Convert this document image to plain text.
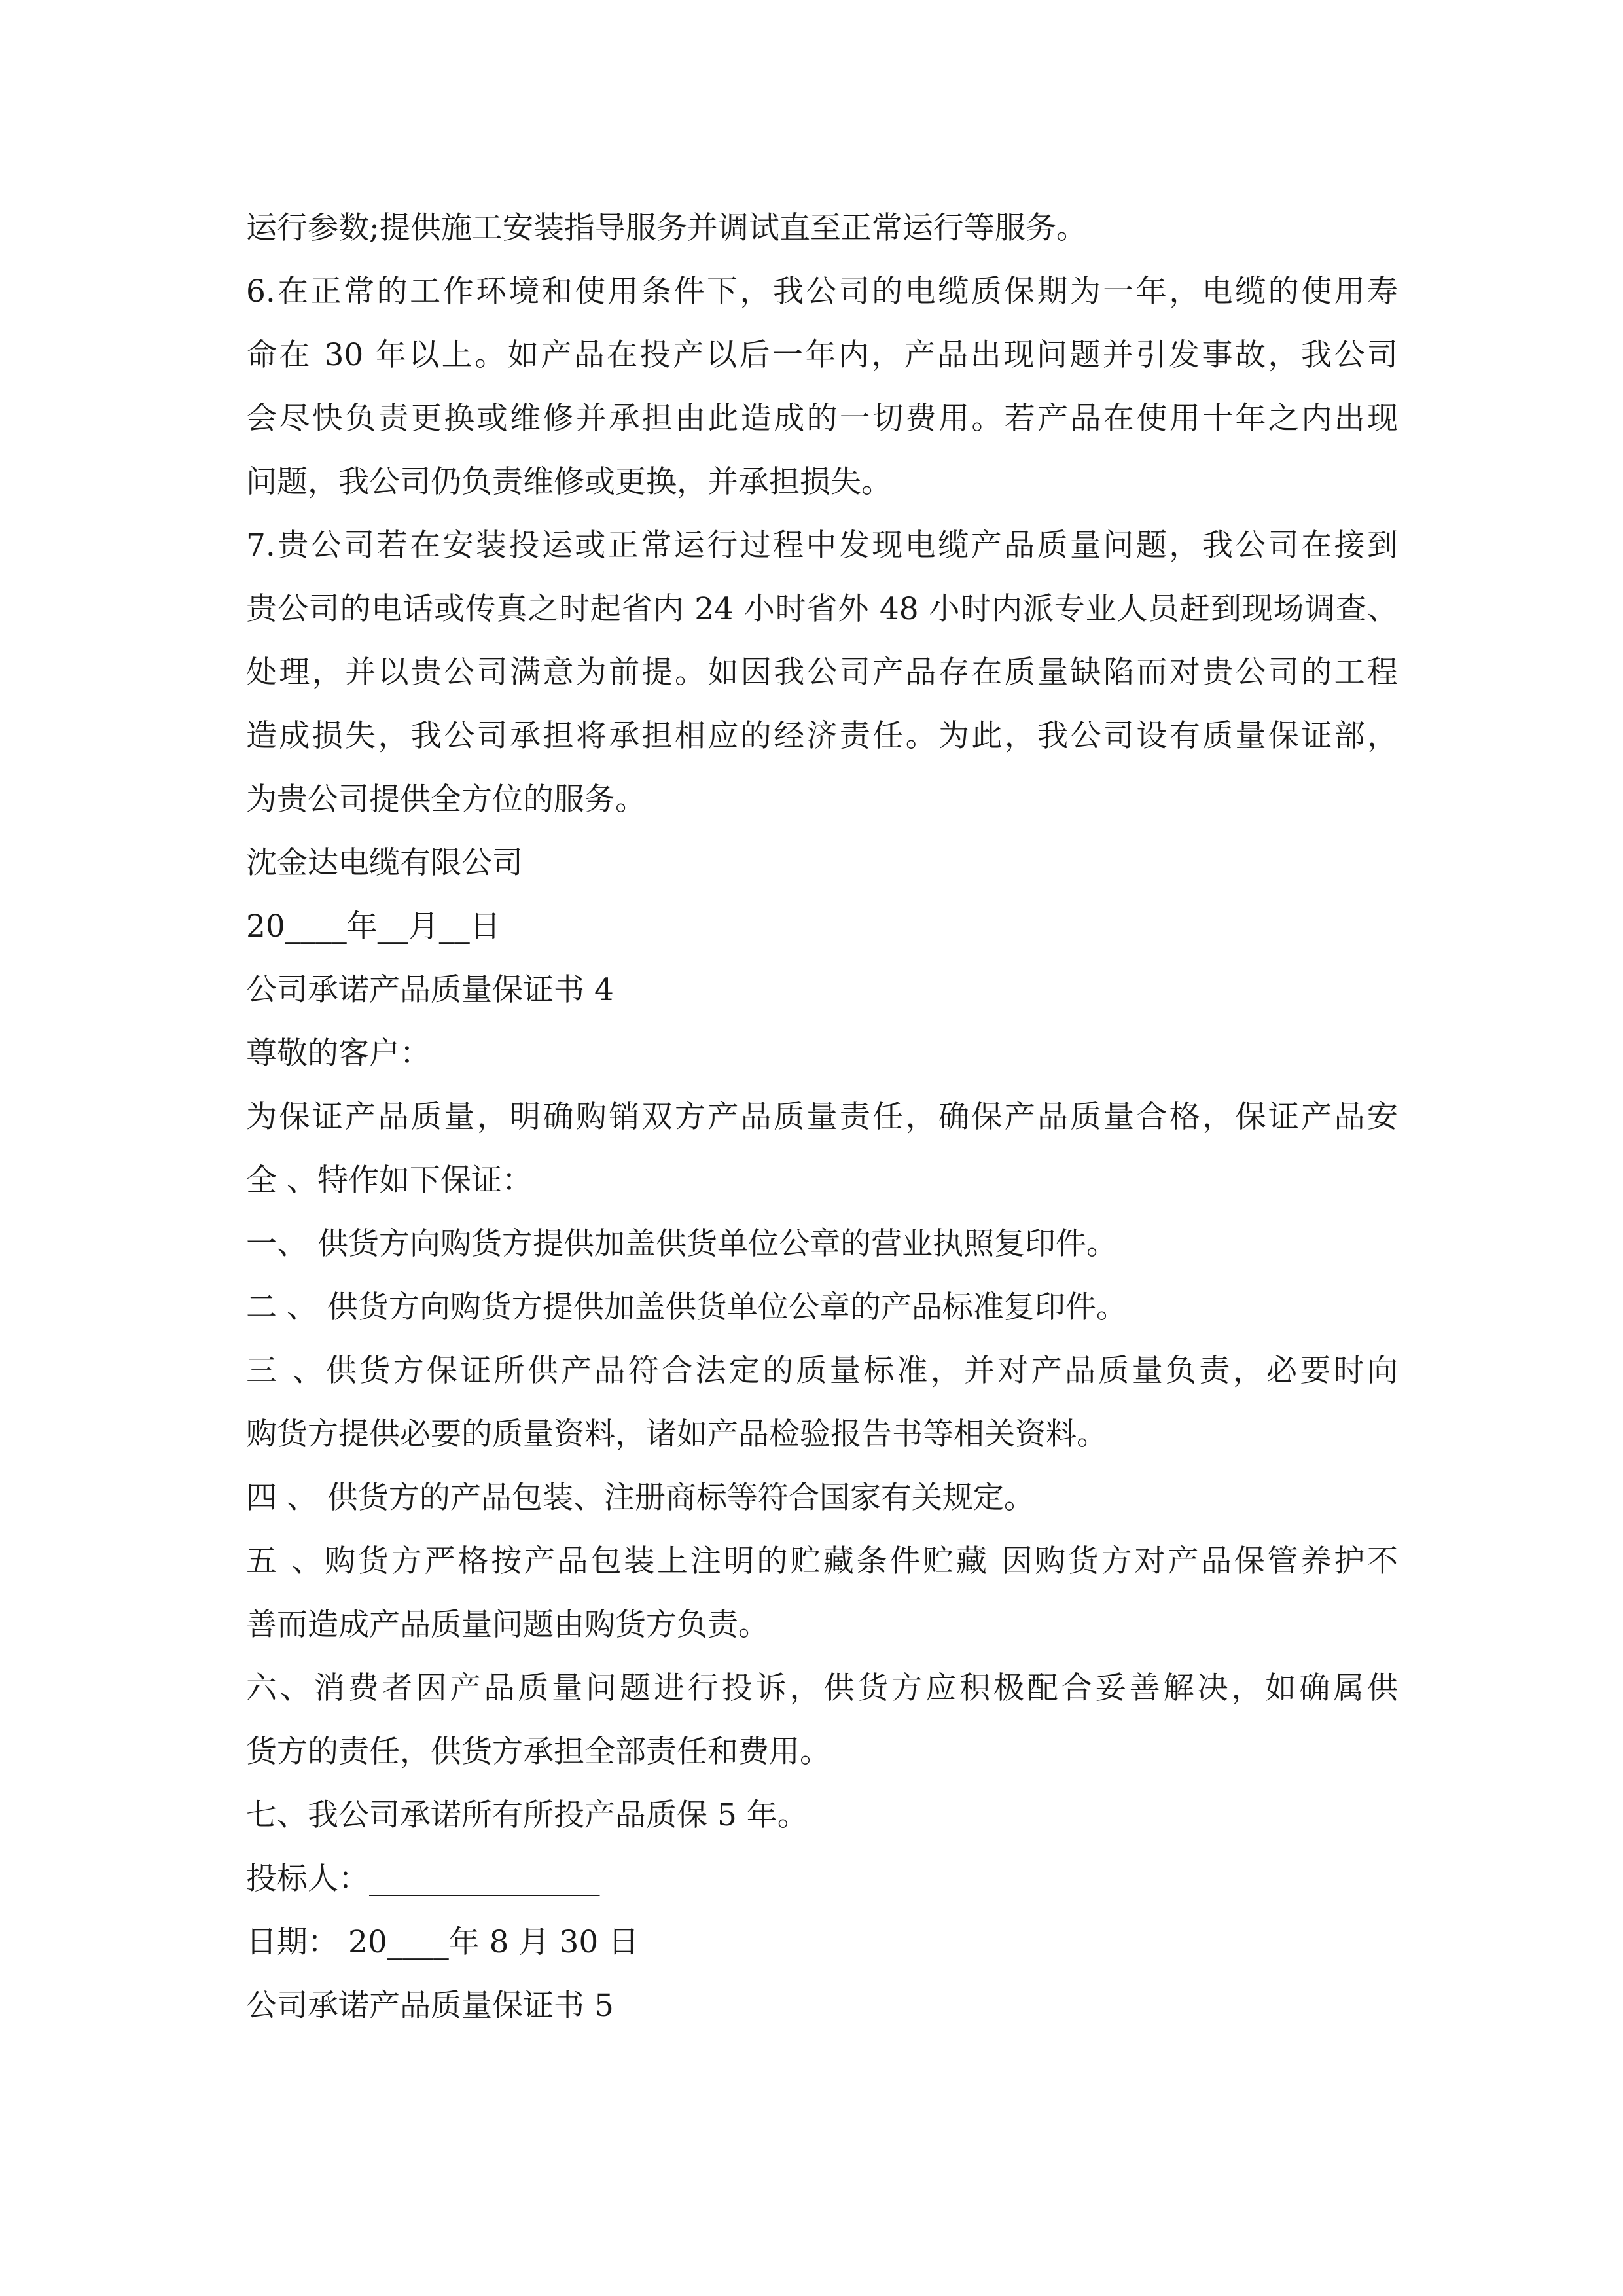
运行参数;提供施工安装指导服务并调试直至正常运行等服务。
6.在正常的工作环境和使用条件下，我公司的电缆质保期为一年，电缆的使用寿
命在 30 年以上。如产品在投产以后一年内，产品出现问题并引发事故，我公司
会尽快负责更换或维修并承担由此造成的一切费用。若产品在使用十年之内出现
问题，我公司仍负责维修或更换，并承担损失。
7.贵公司若在安装投运或正常运行过程中发现电缆产品质量问题，我公司在接到
贵公司的电话或传真之时起省内 24 小时省外 48 小时内派专业人员赶到现场调查、
处理，并以贵公司满意为前提。如因我公司产品存在质量缺陷而对贵公司的工程
造成损失，我公司承担将承担相应的经济责任。为此，我公司设有质量保证部，
为贵公司提供全方位的服务。
沈金达电缆有限公司
20____年__月__日
公司承诺产品质量保证书 4
尊敬的客户：
为保证产品质量，明确购销双方产品质量责任，确保产品质量合格，保证产品安
全 、特作如下保证：
一、 供货方向购货方提供加盖供货单位公章的营业执照复印件。
二 、 供货方向购货方提供加盖供货单位公章的产品标准复印件。
三 、供货方保证所供产品符合法定的质量标准，并对产品质量负责，必要时向
购货方提供必要的质量资料，诸如产品检验报告书等相关资料。
四 、 供货方的产品包装、注册商标等符合国家有关规定。
五 、购货方严格按产品包装上注明的贮藏条件贮藏 因购货方对产品保管养护不
善而造成产品质量问题由购货方负责。
六、消费者因产品质量问题进行投诉，供货方应积极配合妥善解决，如确属供
货方的责任，供货方承担全部责任和费用。
七、我公司承诺所有所投产品质保 5 年。
投标人：_______________
日期： 20____年 8 月 30 日
公司承诺产品质量保证书 5
